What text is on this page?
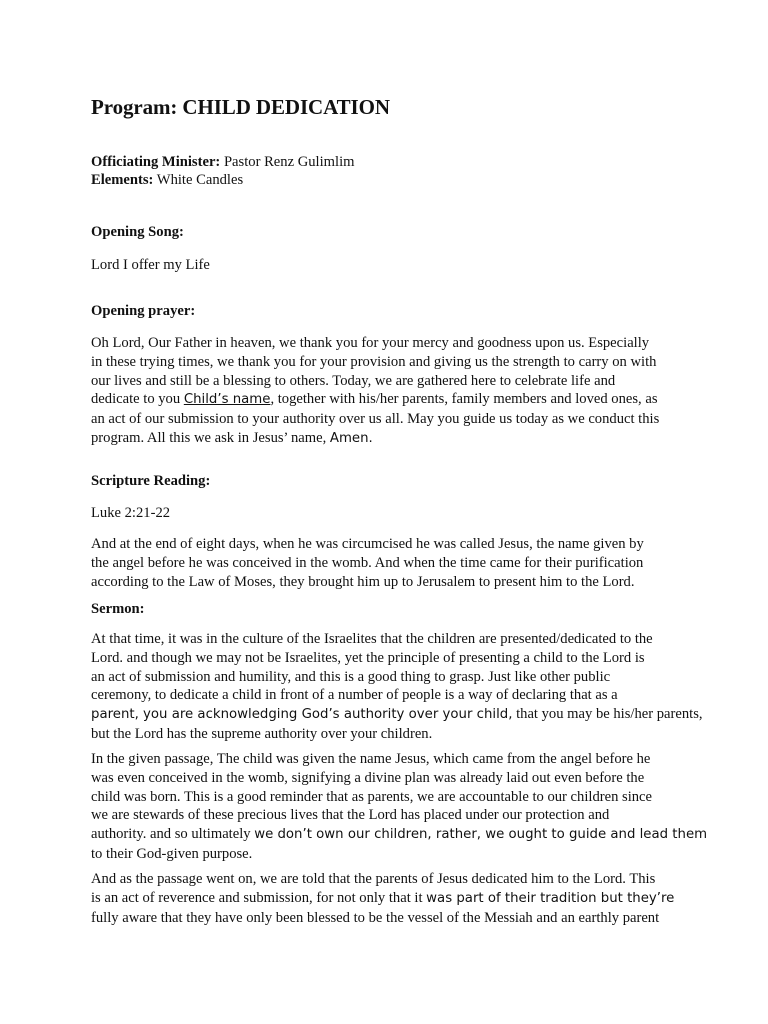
Program: CHILD DEDICATION
Officiating Minister: Pastor Renz Gulimlim
Elements: White Candles
Opening Song:
Lord I offer my Life
Opening prayer:
Oh Lord, Our Father in heaven, we thank you for your mercy and goodness upon us. Especially
in these trying times, we thank you for your provision and giving us the strength to carry on with
our lives and still be a blessing to others. Today, we are gathered here to celebrate life and
dedicate to you Child’s name, together with his/her parents, family members and loved ones, as
an act of our submission to your authority over us all. May you guide us today as we conduct this
program. All this we ask in Jesus’ name, Amen.
Scripture Reading:
Luke 2:21-22
And at the end of eight days, when he was circumcised he was called Jesus, the name given by
the angel before he was conceived in the womb. And when the time came for their purification
according to the Law of Moses, they brought him up to Jerusalem to present him to the Lord.
Sermon:
At that time, it was in the culture of the Israelites that the children are presented/dedicated to the
Lord. and though we may not be Israelites, yet the principle of presenting a child to the Lord is
an act of submission and humility, and this is a good thing to grasp. Just like other public
ceremony, to dedicate a child in front of a number of people is a way of declaring that as a
parent, you are acknowledging God’s authority over your child, that you may be his/her parents,
but the Lord has the supreme authority over your children.
In the given passage, The child was given the name Jesus, which came from the angel before he
was even conceived in the womb, signifying a divine plan was already laid out even before the
child was born. This is a good reminder that as parents, we are accountable to our children since
we are stewards of these precious lives that the Lord has placed under our protection and
authority. and so ultimately we don’t own our children, rather, we ought to guide and lead them
to their God-given purpose.
And as the passage went on, we are told that the parents of Jesus dedicated him to the Lord. This
is an act of reverence and submission, for not only that it was part of their tradition but they’re
fully aware that they have only been blessed to be the vessel of the Messiah and an earthly parent
